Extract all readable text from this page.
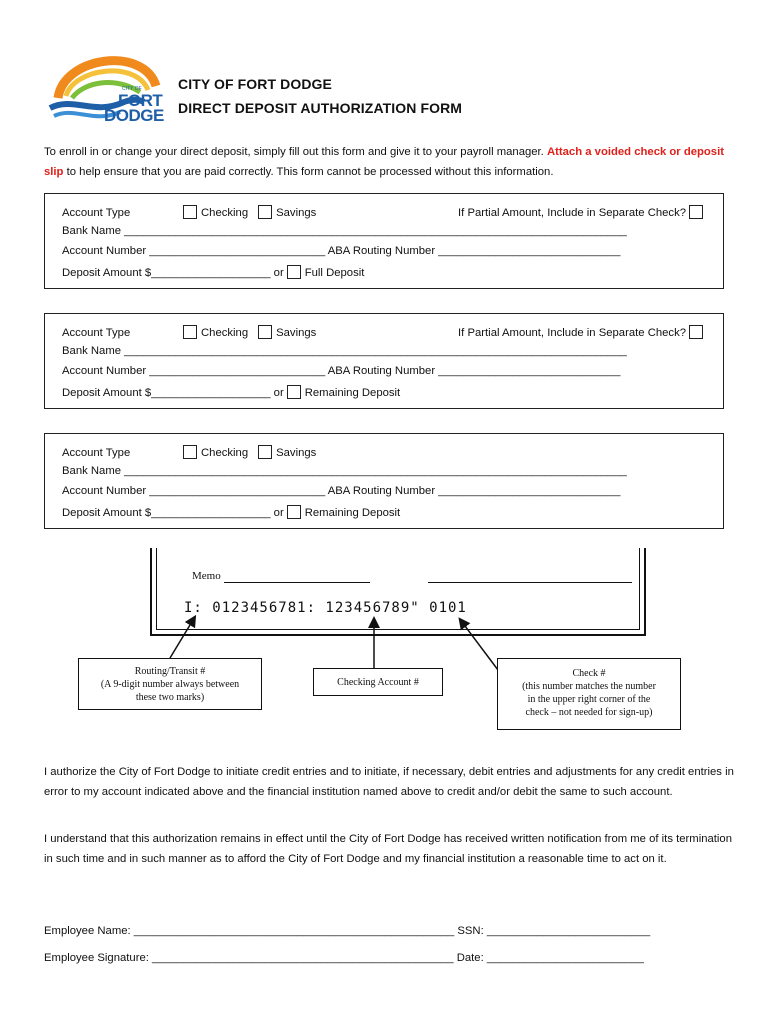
CITY OF
FORT
DODGE
CITY OF FORT DODGE
DIRECT DEPOSIT AUTHORIZATION FORM
To enroll in or change your direct deposit, simply fill out this form and give it to your payroll manager. Attach a voided check or deposit slip to help ensure that you are paid correctly. This form cannot be processed without this information.
Account Type	Checking Savings	If Partial Amount, Include in Separate Check?
Bank Name ________________________________________________________________________________
Account Number ____________________________ ABA Routing Number _____________________________
Deposit Amount $___________________ or Full Deposit
Account Type	Checking Savings	If Partial Amount, Include in Separate Check?
Bank Name ________________________________________________________________________________
Account Number ____________________________ ABA Routing Number _____________________________
Deposit Amount $___________________ or Remaining Deposit
Account Type	Checking Savings
Bank Name ________________________________________________________________________________
Account Number ____________________________ ABA Routing Number _____________________________
Deposit Amount $___________________ or Remaining Deposit
Memo
I: 0123456781: 123456789" 0101
Routing/Transit #
(A 9-digit number always between
these two marks)
Checking Account #
Check #
(this number matches the number
in the upper right corner of the
check – not needed for sign-up)
I authorize the City of Fort Dodge to initiate credit entries and to initiate, if necessary, debit entries and adjustments for any credit entries in error to my account indicated above and the financial institution named above to credit and/or debit the same to such account.
I understand that this authorization remains in effect until the City of Fort Dodge has received written notification from me of its termination in such time and in such manner as to afford the City of Fort Dodge and my financial institution a reasonable time to act on it.
Employee Name: ___________________________________________________ SSN: __________________________
Employee Signature: ________________________________________________ Date: _________________________
